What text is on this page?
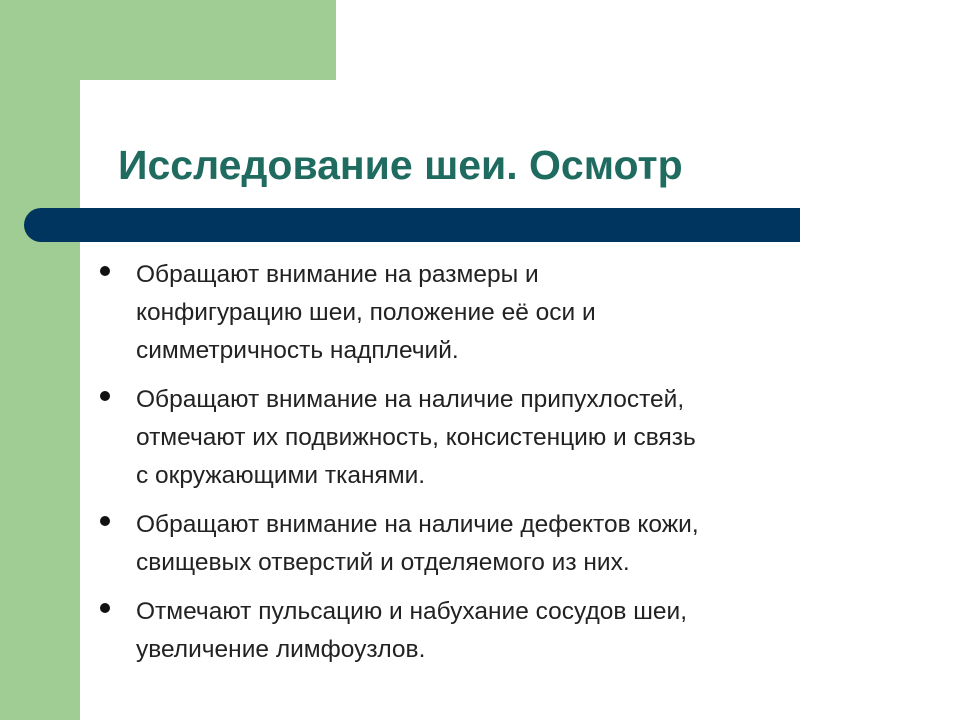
Исследование шеи. Осмотр
Обращают внимание на размеры и
конфигурацию шеи, положение её оси и
симметричность надплечий.
Обращают внимание на наличие припухлостей,
отмечают их подвижность, консистенцию и связь
с окружающими тканями.
Обращают внимание на наличие дефектов кожи,
свищевых отверстий и отделяемого из них.
Отмечают пульсацию и набухание сосудов шеи,
увеличение лимфоузлов.
